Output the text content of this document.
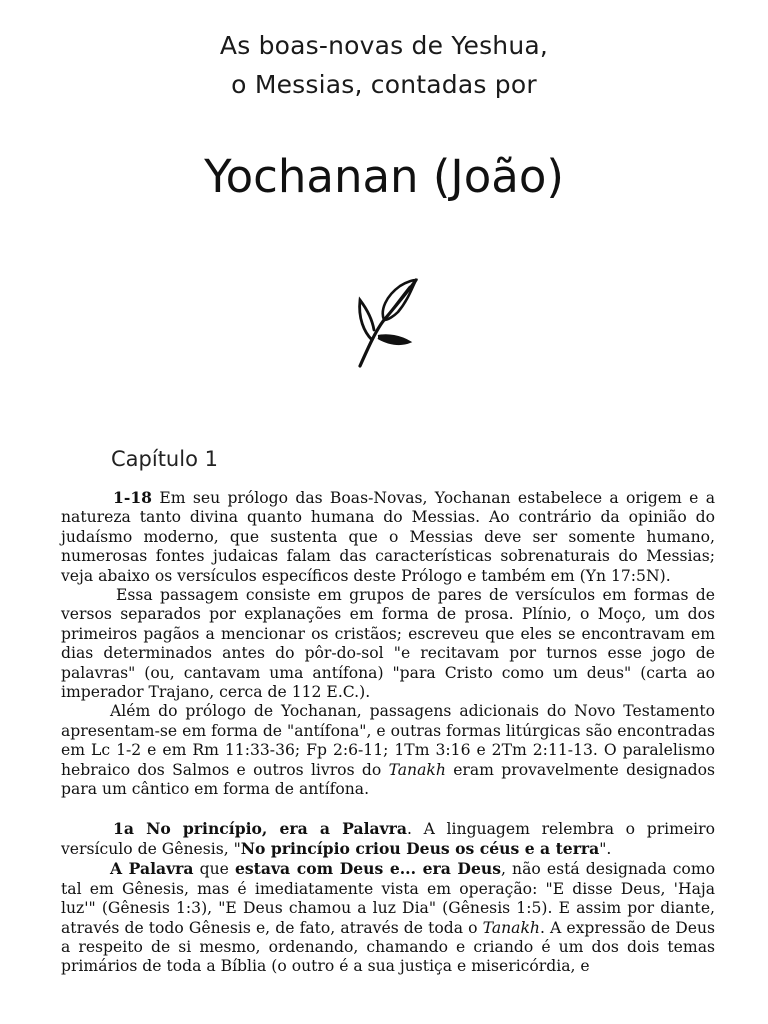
As boas-novas de Yeshua,
o Messias, contadas por
Yochanan (João)
Capítulo 1

1-18 Em seu prólogo das Boas-Novas, Yochanan estabelece a origem e a natureza tanto divina quanto humana do Messias. Ao contrário da opinião do judaísmo moderno, que sustenta que o Messias deve ser somente humano, numerosas fontes judaicas falam das características sobrenaturais do Messias; veja abaixo os versículos específicos deste Prólogo e também em (Yn 17:5N).

Essa passagem consiste em grupos de pares de versículos em formas de versos separados por explanações em forma de prosa. Plínio, o Moço, um dos primeiros pagãos a mencionar os cristãos; escreveu que eles se encontravam em dias determinados antes do pôr-do-sol "e recitavam por turnos esse jogo de palavras" (ou, cantavam uma antífona) "para Cristo como um deus" (carta ao imperador Trajano, cerca de 112 E.C.).

Além do prólogo de Yochanan, passagens adicionais do Novo Testamento apresentam-se em forma de "antífona", e outras formas litúrgicas são encontradas em Lc 1-2 e em Rm 11:33-36; Fp 2:6-11; 1Tm 3:16 e 2Tm 2:11-13. O paralelismo hebraico dos Salmos e outros livros do Tanakh eram provavelmente designados para um cântico em forma de antífona.

1a No princípio, era a Palavra. A linguagem relembra o primeiro versículo de Gênesis, "No princípio criou Deus os céus e a terra".

A Palavra que estava com Deus e... era Deus, não está designada como tal em Gênesis, mas é imediatamente vista em operação: "E disse Deus, 'Haja luz'" (Gênesis 1:3), "E Deus chamou a luz Dia" (Gênesis 1:5). E assim por diante, através de todo Gênesis e, de fato, através de toda o Tanakh. A expressão de Deus a respeito de si mesmo, ordenando, chamando e criando é um dos dois temas primários de toda a Bíblia (o outro é a sua justiça e misericórdia, e
